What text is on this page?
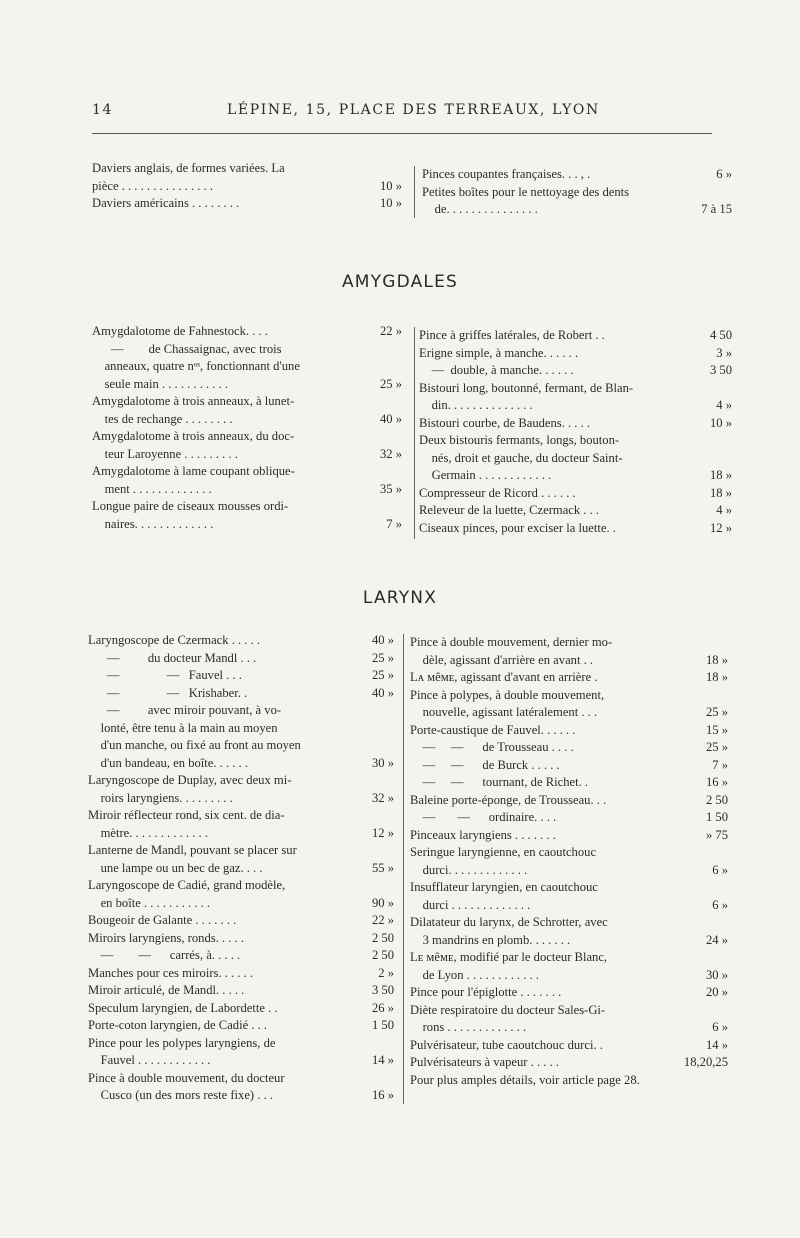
14	LÉPINE, 15, PLACE DES TERREAUX, LYON
Daviers anglais, de formes variées. La
pièce . . . . . . . . . . . . . . .	10 »
Daviers américains . . . . . . . .	10 »
Pinces coupantes françaises. . . , .	6 »
Petites boîtes pour le nettoyage des dents
de. . . . . . . . . . . . . . .	7 à 15
AMYGDALES
Amygdalotome de Fahnestock. . . .	22 »
—        de Chassaignac, avec trois
anneaux, quatre nᵒˢ, fonctionnant d'une
seule main . . . . . . . . . . .	25 »
Amygdalotome à trois anneaux, à lunet-
tes de rechange . . . . . . . .	40 »
Amygdalotome à trois anneaux, du doc-
teur Laroyenne . . . . . . . . .	32 »
Amygdalotome à lame coupant oblique-
ment . . . . . . . . . . . . .	35 »
Longue paire de ciseaux mousses ordi-
naires. . . . . . . . . . . . .	7 »
Pince à griffes latérales, de Robert . .	4 50
Erigne simple, à manche. . . . . .	3 »
—  double, à manche. . . . . .	3 50
Bistouri long, boutonné, fermant, de Blan-
din. . . . . . . . . . . . . .	4 »
Bistouri courbe, de Baudens. . . . .	10 »
Deux bistouris fermants, longs, bouton-
nés, droit et gauche, du docteur Saint-
Germain . . . . . . . . . . . .	18 »
Compresseur de Ricord . . . . . .	18 »
Releveur de la luette, Czermack . . .	4 »
Ciseaux pinces, pour exciser la luette. .	12 »
LARYNX
Laryngoscope de Czermack . . . . .	40 »
—         du docteur Mandl . . .	25 »
—               —   Fauvel . . .	25 »
—               —   Krishaber. .	40 »
—         avec miroir pouvant, à vo-
lonté, être tenu à la main au moyen
d'un manche, ou fixé au front au moyen
d'un bandeau, en boîte. . . . . .	30 »
Laryngoscope de Duplay, avec deux mi-
roirs laryngiens. . . . . . . . .	32 »
Miroir réflecteur rond, six cent. de dia-
mètre. . . . . . . . . . . . .	12 »
Lanterne de Mandl, pouvant se placer sur
une lampe ou un bec de gaz. . . .	55 »
Laryngoscope de Cadié, grand modèle,
en boîte . . . . . . . . . . .	90 »
Bougeoir de Galante . . . . . . .	22 »
Miroirs laryngiens, ronds. . . . .	2 50
—        —      carrés, à. . . . .	2 50
Manches pour ces miroirs. . . . . .	2 »
Miroir articulé, de Mandl. . . . .	3 50
Speculum laryngien, de Labordette . .	26 »
Porte-coton laryngien, de Cadié . . .	1 50
Pince pour les polypes laryngiens, de
Fauvel . . . . . . . . . . . .	14 »
Pince à double mouvement, du docteur
Cusco (un des mors reste fixe) . . .	16 »
Pince à double mouvement, dernier mo-
dèle, agissant d'arrière en avant . .	18 »
Lᴀ ᴍêᴍᴇ, agissant d'avant en arrière .	18 »
Pince à polypes, à double mouvement,
nouvelle, agissant latéralement . . .	25 »
Porte-caustique de Fauvel. . . . . .	15 »
—     —      de Trousseau . . . .	25 »
—     —      de Burck . . . . .	7 »
—     —      tournant, de Richet. .	16 »
Baleine porte-éponge, de Trousseau. . .	2 50
—       —      ordinaire. . . .	1 50
Pinceaux laryngiens . . . . . . .	» 75
Seringue laryngienne, en caoutchouc
durci. . . . . . . . . . . . .	6 »
Insufflateur laryngien, en caoutchouc
durci . . . . . . . . . . . . .	6 »
Dilatateur du larynx, de Schrotter, avec
3 mandrins en plomb. . . . . . .	24 »
Lᴇ ᴍêᴍᴇ, modifié par le docteur Blanc,
de Lyon . . . . . . . . . . . .	30 »
Pince pour l'épiglotte . . . . . . .	20 »
Diète respiratoire du docteur Sales-Gi-
rons . . . . . . . . . . . . .	6 »
Pulvérisateur, tube caoutchouc durci. .	14 »
Pulvérisateurs à vapeur . . . . .	18,20,25
Pour plus amples détails, voir article page 28.
